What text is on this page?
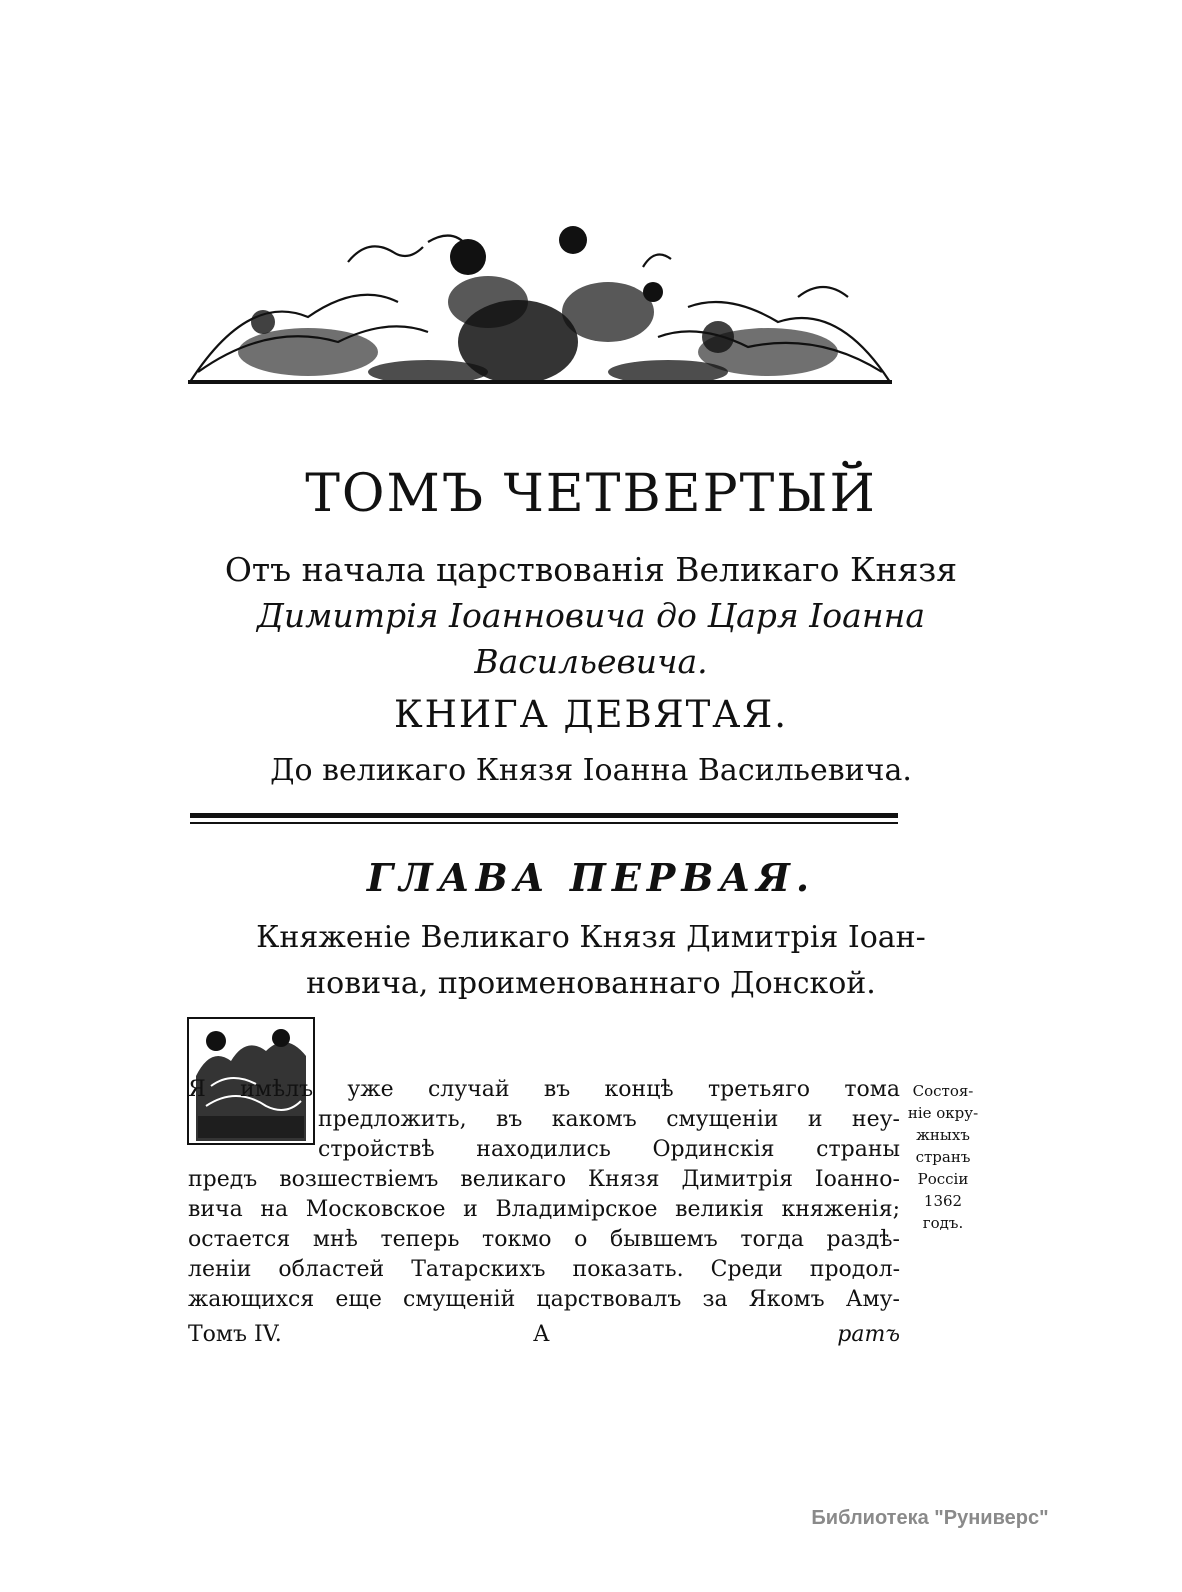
ТОМЪ ЧЕТВЕРТЫЙ
Отъ начала царствованія Великаго Князя
Димитрія Іоанновича до Царя Іоанна
Васильевича.
КНИГА ДЕВЯТАЯ.
До великаго Князя Іоанна Васильевича.
ГЛАВА ПЕРВАЯ.
Княженіе Великаго Князя Димитрія Іоан-
новича, проименованнаго Донской.
Я имѣлъ уже случай въ концѣ третьяго тома
предложить, въ какомъ смущеніи и неу-
стройствѣ находились Ординскія страны
предъ возшествіемъ великаго Князя Димитрія Іоанно-
вича на Московское и Владимірское великія княженія;
остается мнѣ теперь токмо о бывшемъ тогда раздѣ-
леніи областей Татарскихъ показать. Среди продол-
жающихся еще смущеній царствовалъ за Якомъ Аму-
Состоя-
ніе окру-
жныхъ
странъ
Россіи
1362
годъ.
Томъ IV.	А	ратъ
Библиотека "Руниверс"
